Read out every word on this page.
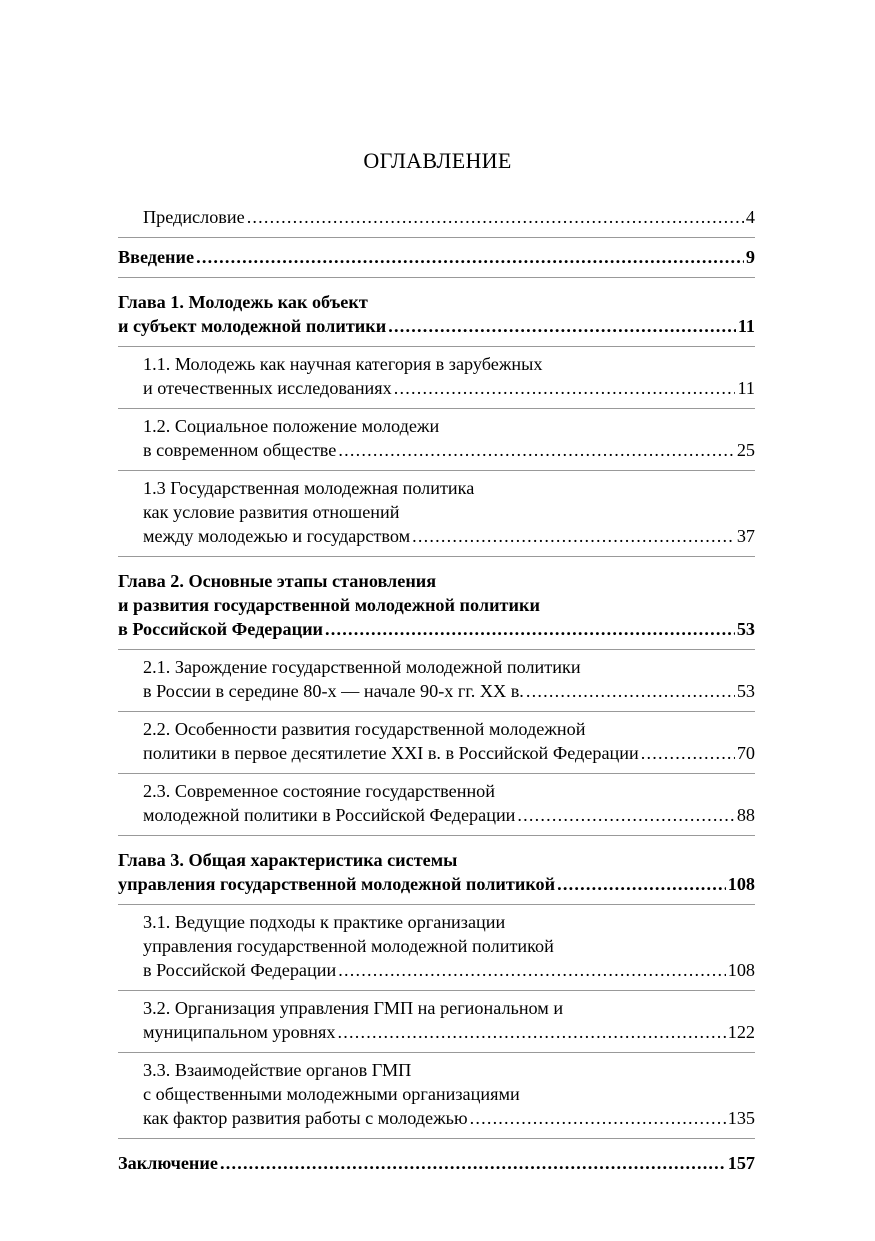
ОГЛАВЛЕНИЕ
Предисловие .....	4
Введение .....	9
Глава 1. Молодежь как объект
и субъект молодежной политики .....	11
1.1. Молодежь как научная категория в зарубежных
и отечественных исследованиях .....	11
1.2. Социальное положение молодежи
в современном обществе .....	25
1.3 Государственная молодежная политика
как условие развития отношений
между молодежью и государством .....	37
Глава 2. Основные этапы становления
и развития государственной молодежной политики
в Российской Федерации .....	53
2.1. Зарождение государственной молодежной политики
в России в середине 80-х — начале 90-х гг. XX в. .....	53
2.2. Особенности развития государственной молодежной
политики в первое десятилетие XXI в. в Российской Федерации .....	70
2.3. Современное состояние государственной
молодежной политики в Российской Федерации .....	88
Глава 3. Общая характеристика системы
управления государственной молодежной политикой .....	108
3.1. Ведущие подходы к практике организации
управления государственной молодежной политикой
в Российской Федерации .....	108
3.2. Организация управления ГМП на региональном и
муниципальном уровнях .....	122
3.3. Взаимодействие органов ГМП
с общественными молодежными организациями
как фактор развития работы с молодежью .....	135
Заключение .....	157
